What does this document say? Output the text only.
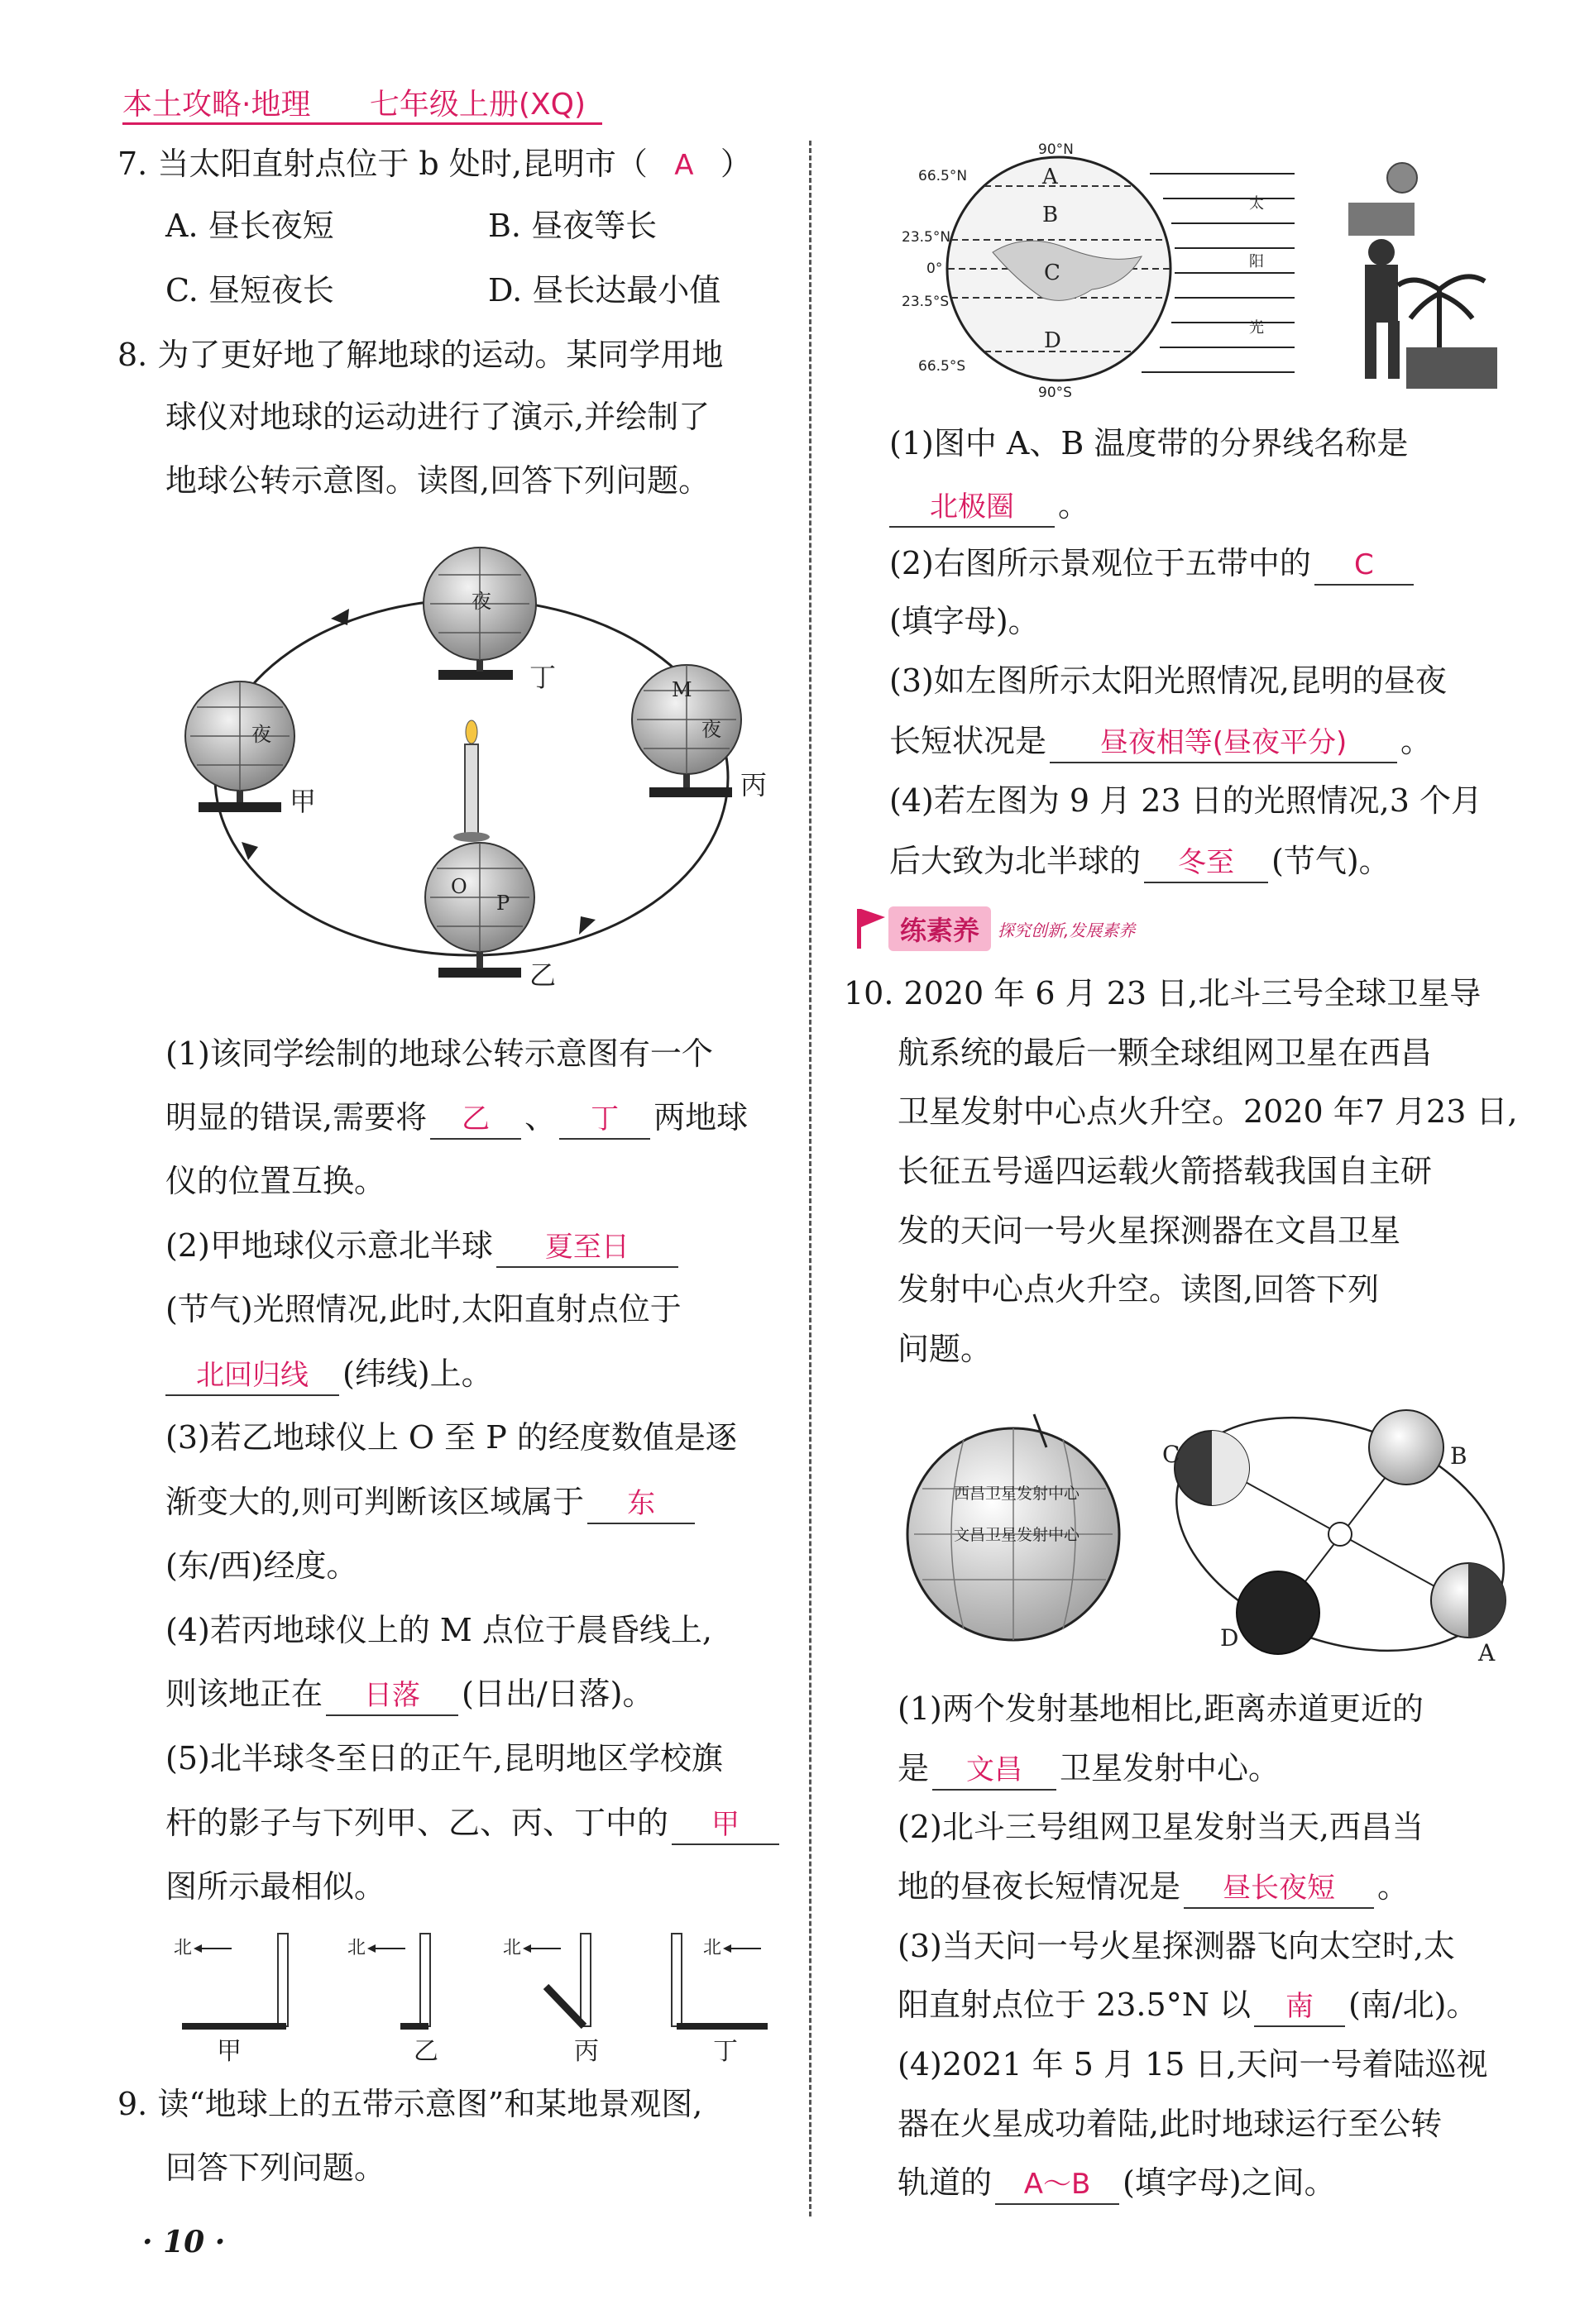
本土攻略·地理 七年级上册(XQ)
7. 当太阳直射点位于 b 处时,昆明市（ A ）
A. 昼长夜短	B. 昼夜等长
C. 昼短夜长	D. 昼长达最小值
8. 为了更好地了解地球的运动。某同学用地
球仪对地球的运动进行了演示,并绘制了
地球公转示意图。读图,回答下列问题。
夜
丁
夜
甲
M
夜
丙
O
P
乙
(1)该同学绘制的地球公转示意图有一个
明显的错误,需要将 乙 、 丁 两地球
仪的位置互换。
(2)甲地球仪示意北半球 夏至日
(节气)光照情况,此时,太阳直射点位于
北回归线 (纬线)上。
(3)若乙地球仪上 O 至 P 的经度数值是逐
渐变大的,则可判断该区域属于 东
(东/西)经度。
(4)若丙地球仪上的 M 点位于晨昏线上,
则该地正在 日落 (日出/日落)。
(5)北半球冬至日的正午,昆明地区学校旗
杆的影子与下列甲、乙、丙、丁中的 甲
图所示最相似。
北
甲
北
乙
北
丙
北
丁
9. 读“地球上的五带示意图”和某地景观图,
回答下列问题。
· 10 ·
90°N
66.5°N
23.5°N
0°
23.5°S
66.5°S
90°S
A
B
C
D
太
阳
光
(1)图中 A、B 温度带的分界线名称是
北极圈 。
(2)右图所示景观位于五带中的 C
(填字母)。
(3)如左图所示太阳光照情况,昆明的昼夜
长短状况是 昼夜相等(昼夜平分) 。
(4)若左图为 9 月 23 日的光照情况,3 个月
后大致为北半球的 冬至 (节气)。
练素养	探究创新,发展素养
10. 2020 年 6 月 23 日,北斗三号全球卫星导
航系统的最后一颗全球组网卫星在西昌
卫星发射中心点火升空。2020 年7 月23 日,
长征五号遥四运载火箭搭载我国自主研
发的天问一号火星探测器在文昌卫星
发射中心点火升空。读图,回答下列
问题。
西昌卫星发射中心
文昌卫星发射中心
C	B
D
A
(1)两个发射基地相比,距离赤道更近的
是 文昌 卫星发射中心。
(2)北斗三号组网卫星发射当天,西昌当
地的昼夜长短情况是 昼长夜短 。
(3)当天问一号火星探测器飞向太空时,太
阳直射点位于 23.5°N 以 南 (南/北)。
(4)2021 年 5 月 15 日,天问一号着陆巡视
器在火星成功着陆,此时地球运行至公转
轨道的 A～B (填字母)之间。
